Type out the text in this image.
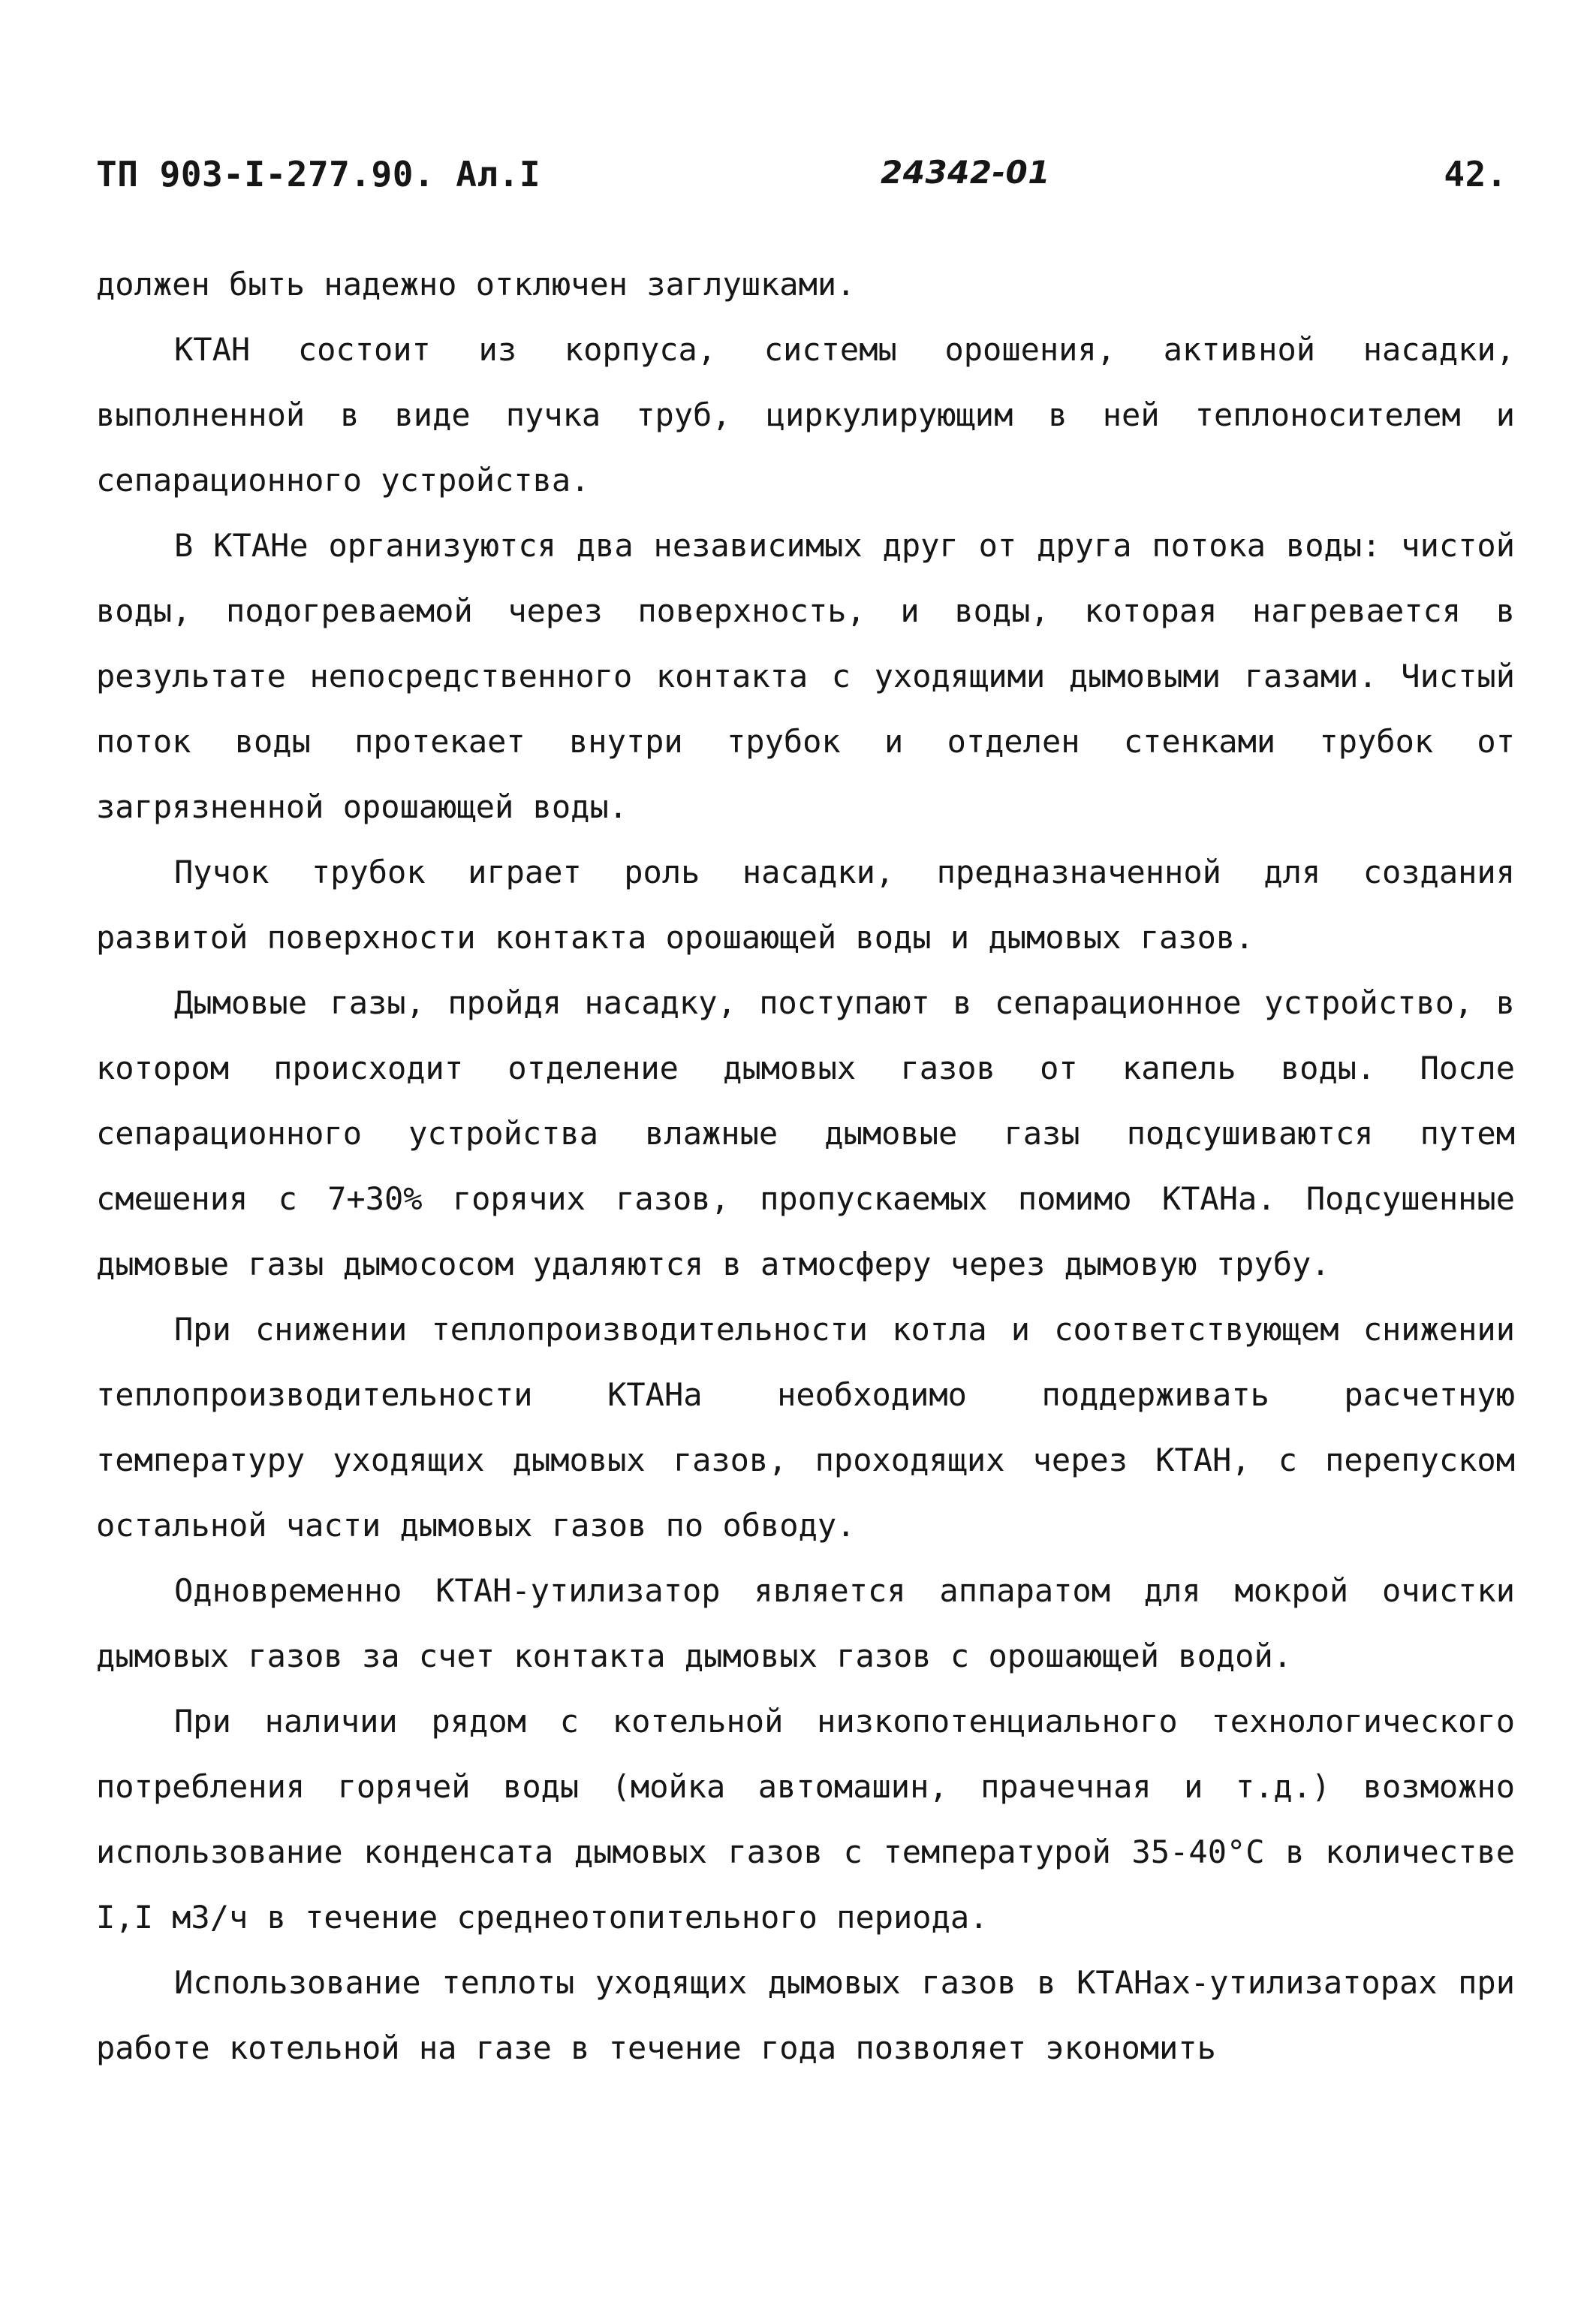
ТП 903-I-277.90. Ал.I	24342-01	42.

должен быть надежно отключен заглушками.

КТАН состоит из корпуса, системы орошения, активной насадки, выполненной в виде пучка труб, циркулирующим в ней теплоносителем и сепарационного устройства.

В КТАНе организуются два независимых друг от друга потока воды: чистой воды, подогреваемой через поверхность, и воды, которая нагревается в результате непосредственного контакта с уходящими дымовыми газами. Чистый поток воды протекает внутри трубок и отделен стенками трубок от загрязненной орошающей воды.

Пучок трубок играет роль насадки, предназначенной для создания развитой поверхности контакта орошающей воды и дымовых газов.

Дымовые газы, пройдя насадку, поступают в сепарационное устройство, в котором происходит отделение дымовых газов от капель воды. После сепарационного устройства влажные дымовые газы подсушиваются путем смешения с 7+30% горячих газов, пропускаемых помимо КТАНа. Подсушенные дымовые газы дымососом удаляются в атмосферу через дымовую трубу.

При снижении теплопроизводительности котла и соответствующем снижении теплопроизводительности КТАНа необходимо поддерживать расчетную температуру уходящих дымовых газов, проходящих через КТАН, с перепуском остальной части дымовых газов по обводу.

Одновременно КТАН-утилизатор является аппаратом для мокрой очистки дымовых газов за счет контакта дымовых газов с орошающей водой.

При наличии рядом с котельной низкопотенциального технологического потребления горячей воды (мойка автомашин, прачечная и т.д.) возможно использование конденсата дымовых газов с температурой 35-40°С в количестве I,I м3/ч в течение среднеотопительного периода.

Использование теплоты уходящих дымовых газов в КТАНах-утилизаторах при работе котельной на газе в течение года позволяет экономить
